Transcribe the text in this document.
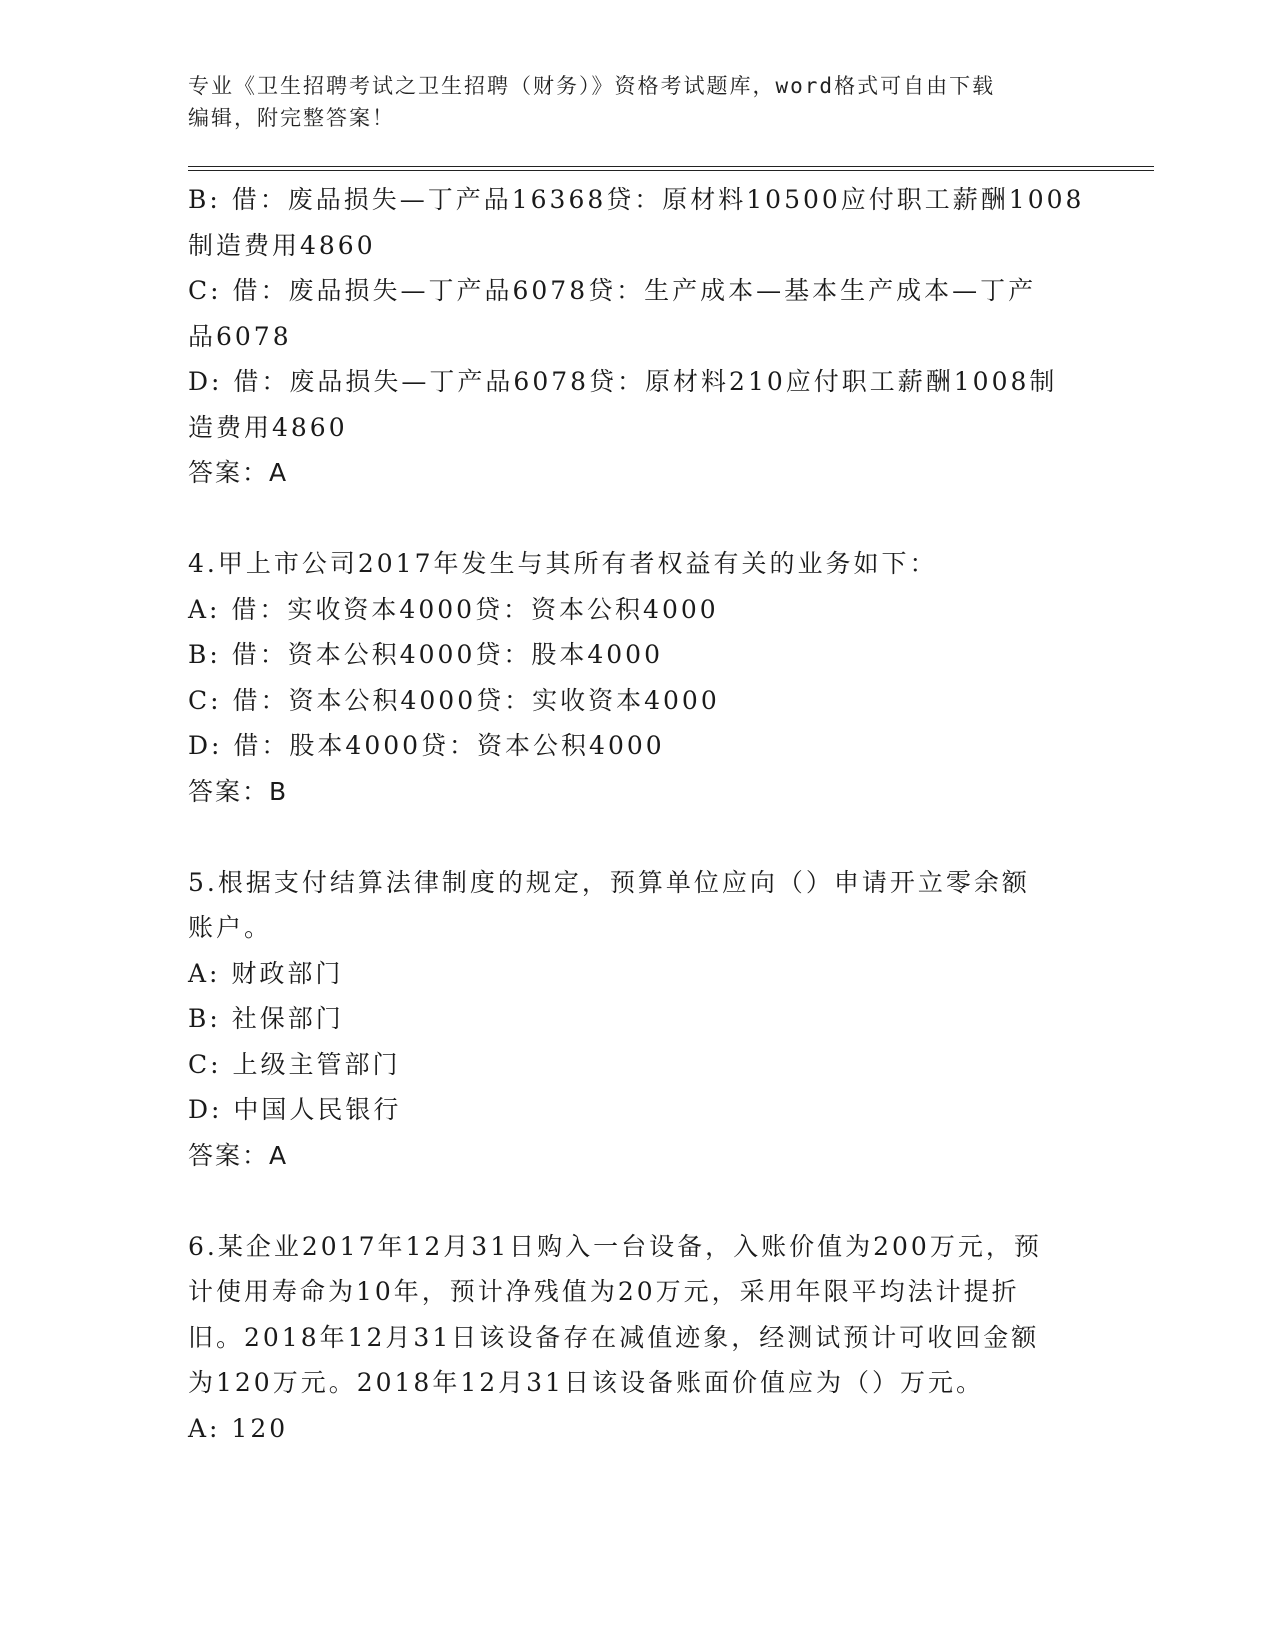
专业《卫生招聘考试之卫生招聘（财务）》资格考试题库，word格式可自由下载
编辑，附完整答案！
B: 借：废品损失—丁产品16368贷：原材料10500应付职工薪酬1008
制造费用4860
C: 借：废品损失—丁产品6078贷：生产成本—基本生产成本—丁产
品6078
D: 借：废品损失—丁产品6078贷：原材料210应付职工薪酬1008制
造费用4860
答案：A
4.甲上市公司2017年发生与其所有者权益有关的业务如下：
A: 借：实收资本4000贷：资本公积4000
B: 借：资本公积4000贷：股本4000
C: 借：资本公积4000贷：实收资本4000
D: 借：股本4000贷：资本公积4000
答案：B
5.根据支付结算法律制度的规定，预算单位应向（）申请开立零余额
账户。
A: 财政部门
B: 社保部门
C: 上级主管部门
D: 中国人民银行
答案：A
6.某企业2017年12月31日购入一台设备，入账价值为200万元，预
计使用寿命为10年，预计净残值为20万元，采用年限平均法计提折
旧。2018年12月31日该设备存在减值迹象，经测试预计可收回金额
为120万元。2018年12月31日该设备账面价值应为（）万元。
A: 120
